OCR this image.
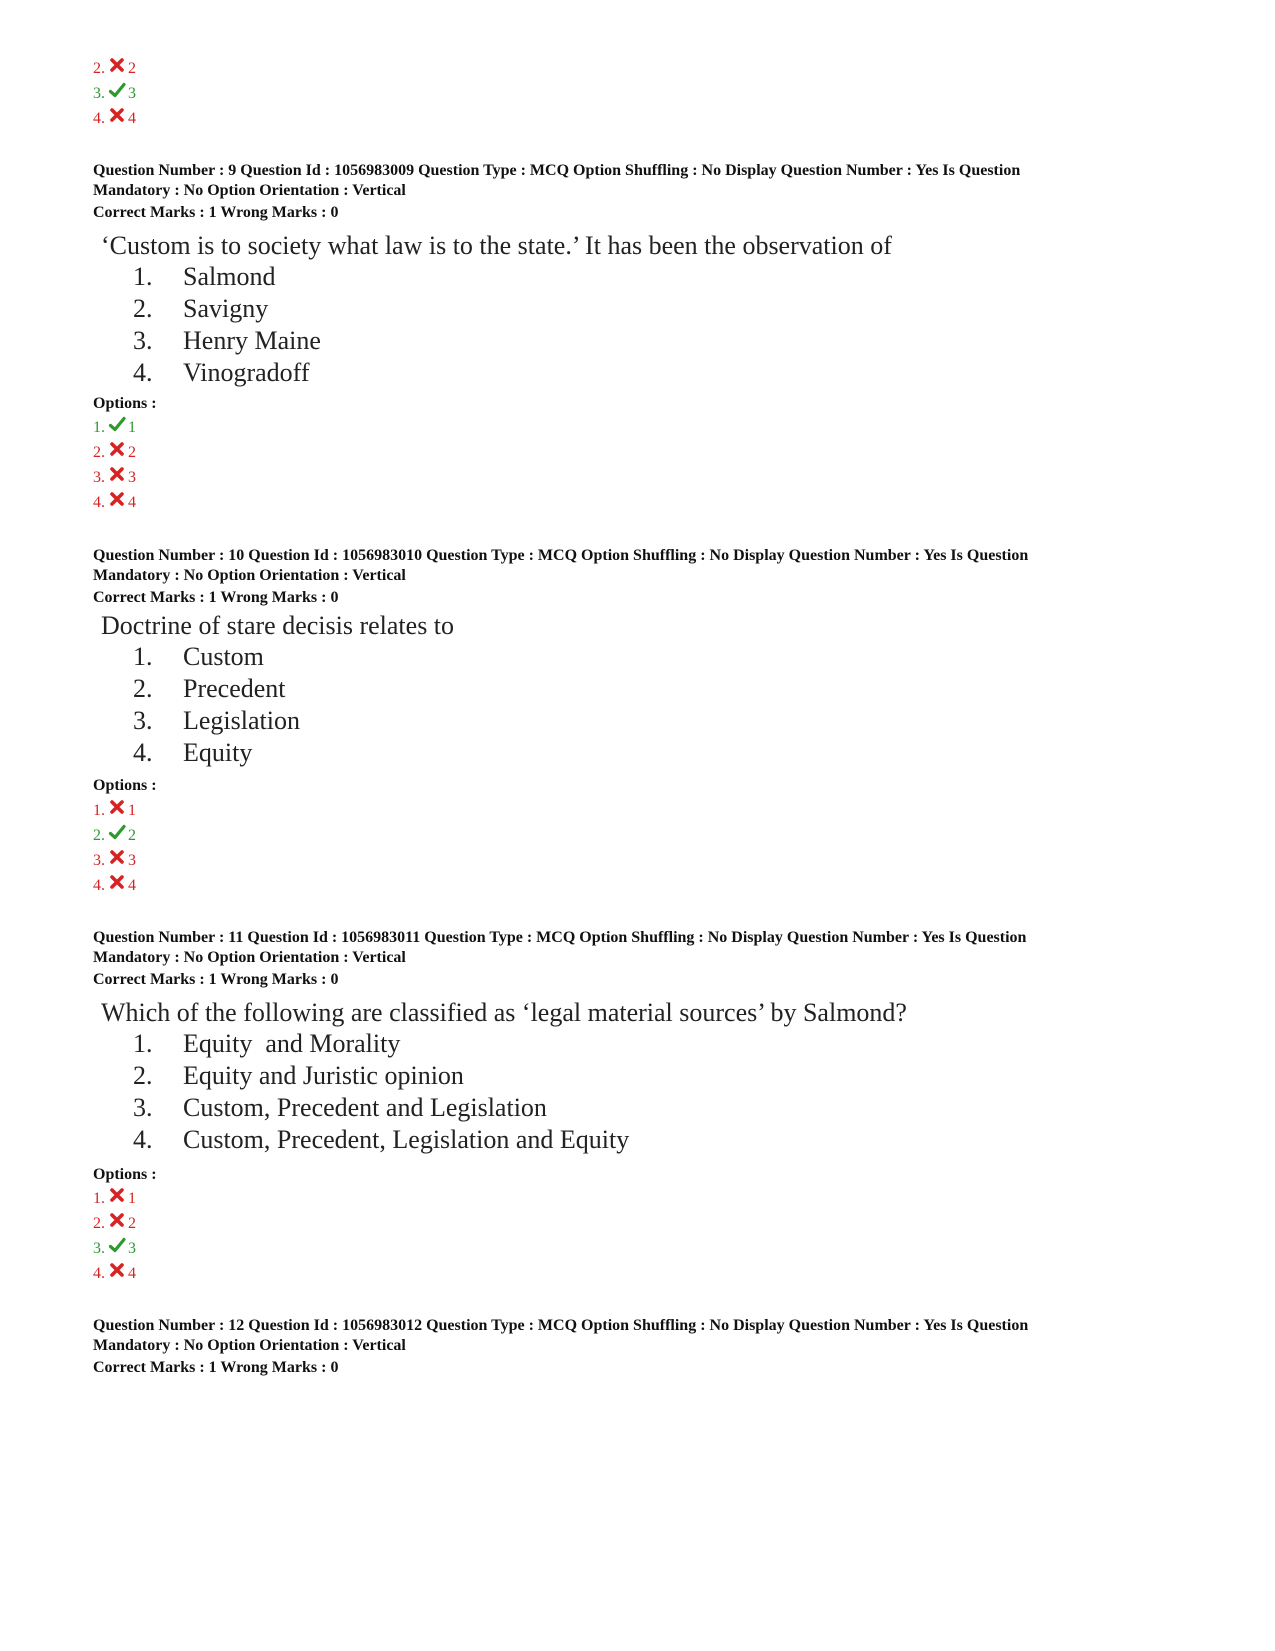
2. 2
3. 3
4. 4
Question Number : 9 Question Id : 1056983009 Question Type : MCQ Option Shuffling : No Display Question Number : Yes Is Question
Mandatory : No Option Orientation : Vertical
Correct Marks : 1 Wrong Marks : 0
‘Custom is to society what law is to the state.’ It has been the observation of
1.	Salmond
2.	Savigny
3.	Henry Maine
4.	Vinogradoff
Options :
1. 1
2. 2
3. 3
4. 4
Question Number : 10 Question Id : 1056983010 Question Type : MCQ Option Shuffling : No Display Question Number : Yes Is Question
Mandatory : No Option Orientation : Vertical
Correct Marks : 1 Wrong Marks : 0
Doctrine of stare decisis relates to
1.	Custom
2.	Precedent
3.	Legislation
4.	Equity
Options :
1. 1
2. 2
3. 3
4. 4
Question Number : 11 Question Id : 1056983011 Question Type : MCQ Option Shuffling : No Display Question Number : Yes Is Question
Mandatory : No Option Orientation : Vertical
Correct Marks : 1 Wrong Marks : 0
Which of the following are classified as ‘legal material sources’ by Salmond?
1.	Equity  and Morality
2.	Equity and Juristic opinion
3.	Custom, Precedent and Legislation
4.	Custom, Precedent, Legislation and Equity
Options :
1. 1
2. 2
3. 3
4. 4
Question Number : 12 Question Id : 1056983012 Question Type : MCQ Option Shuffling : No Display Question Number : Yes Is Question
Mandatory : No Option Orientation : Vertical
Correct Marks : 1 Wrong Marks : 0
